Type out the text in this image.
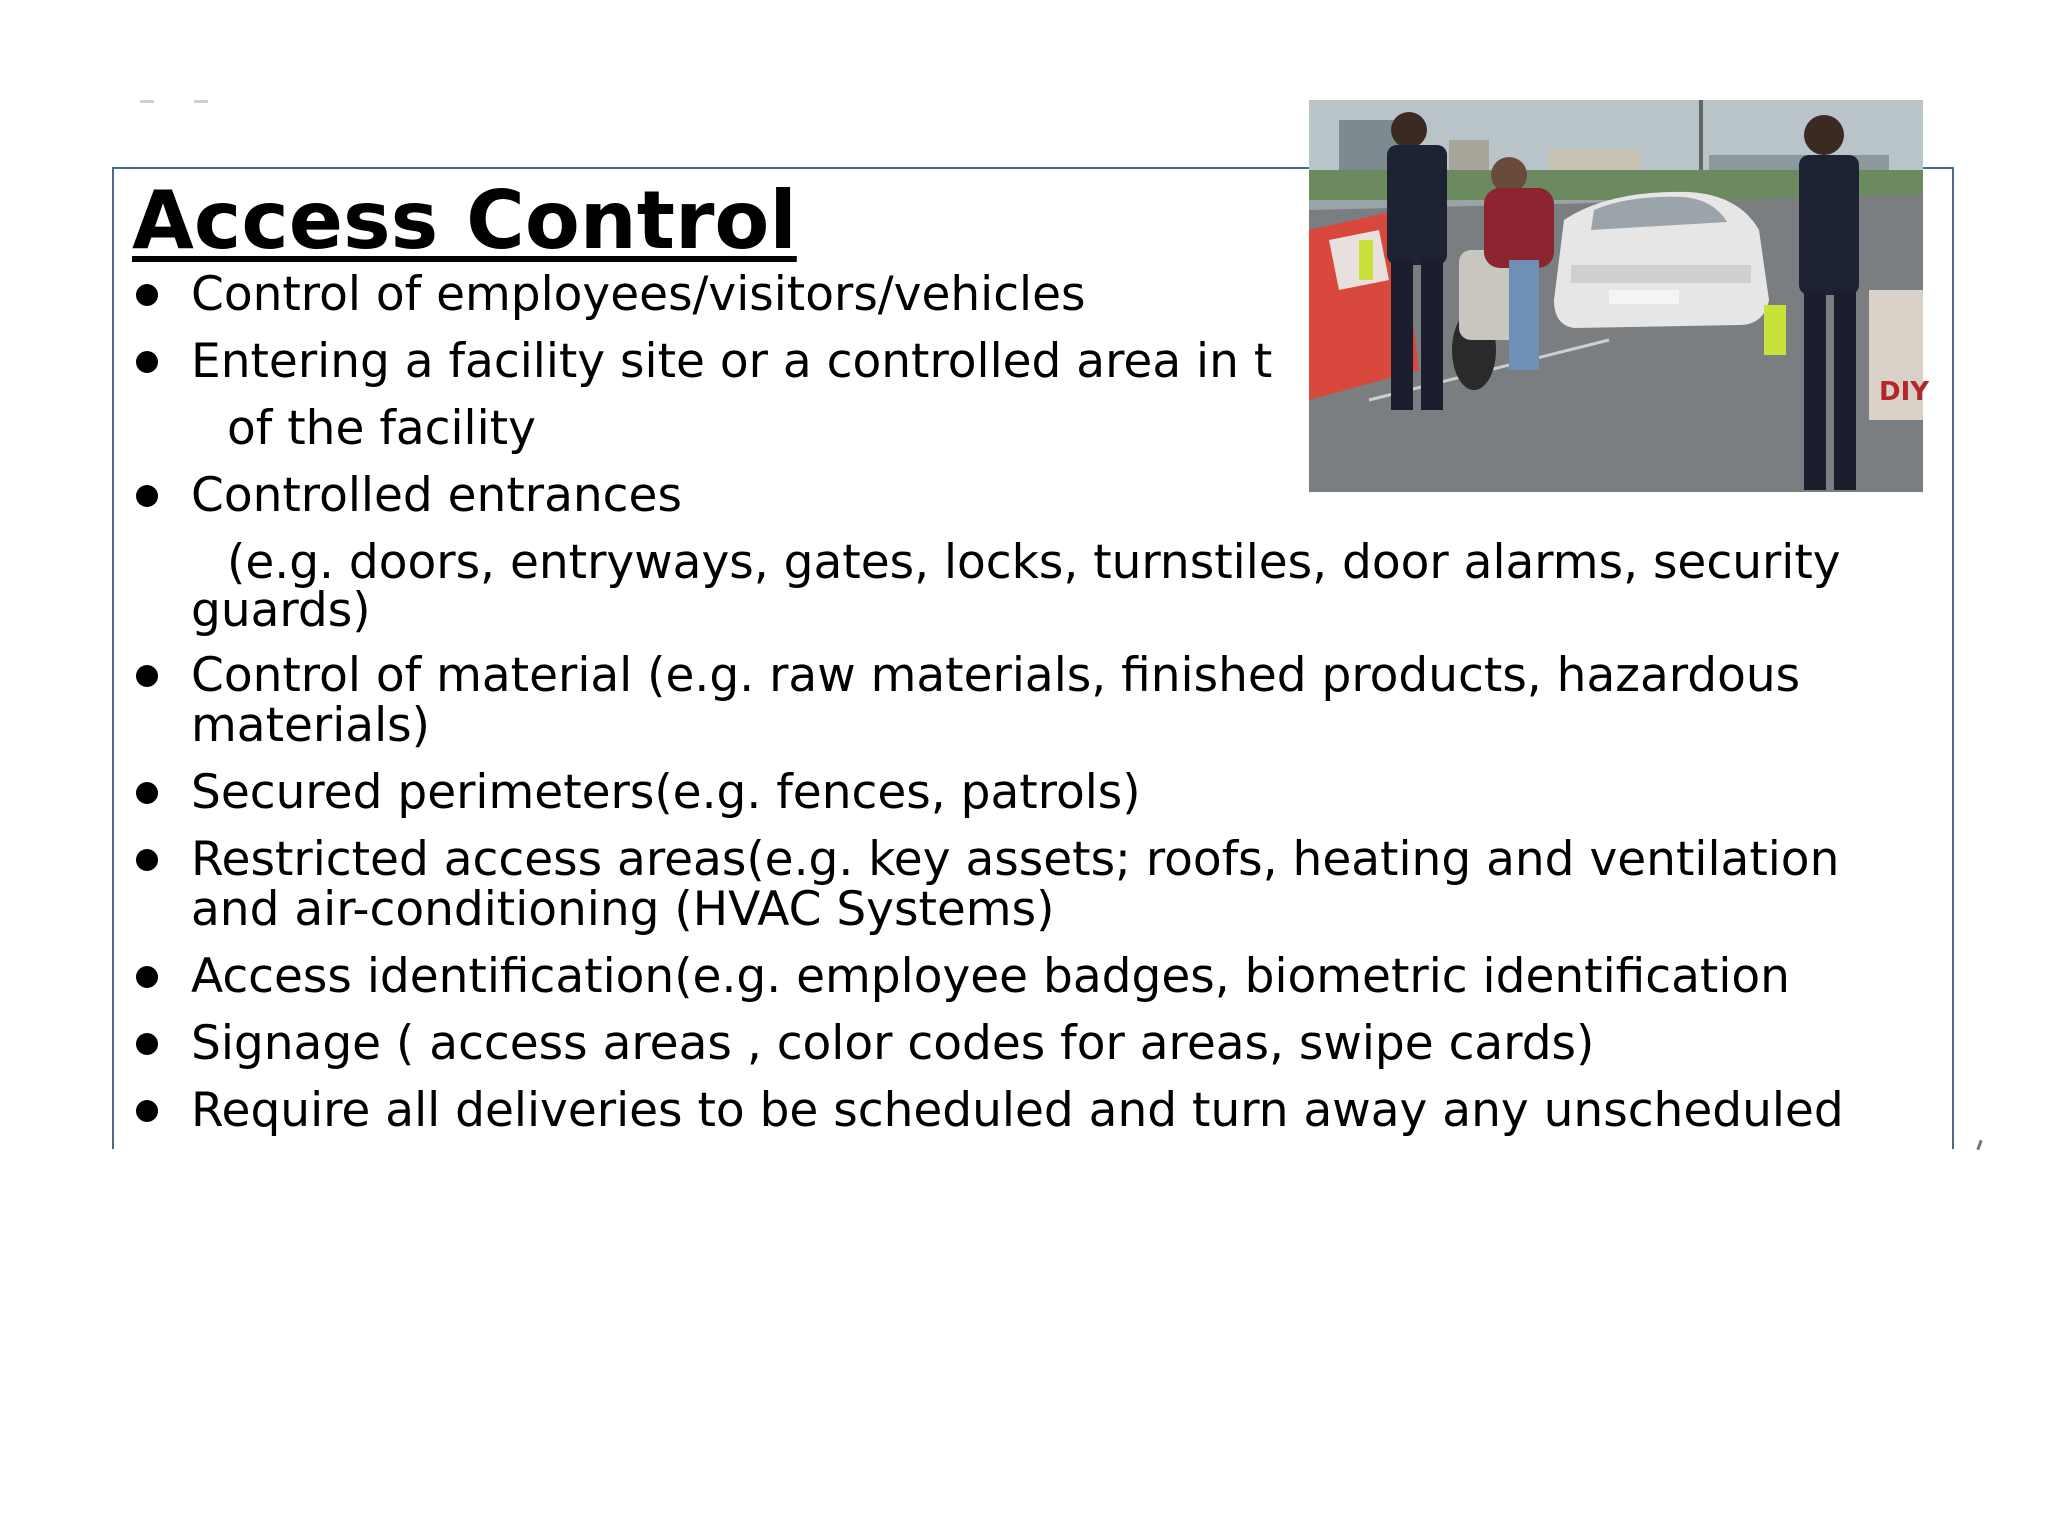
Access Control
Control of employees/visitors/vehicles
Entering a facility site or a controlled area in t
of the facility
Controlled entrances
(e.g. doors, entryways, gates, locks, turnstiles, door alarms, security
guards)
Control of material (e.g. raw materials, finished products, hazardous materials)
Secured perimeters(e.g. fences, patrols)
Restricted access areas(e.g. key assets; roofs, heating and ventilation and air-conditioning (HVAC Systems)
Access identification(e.g. employee badges, biometric identification
Signage ( access areas , color codes for areas, swipe cards)
Require all deliveries to be scheduled and turn away any unscheduled
DIY
